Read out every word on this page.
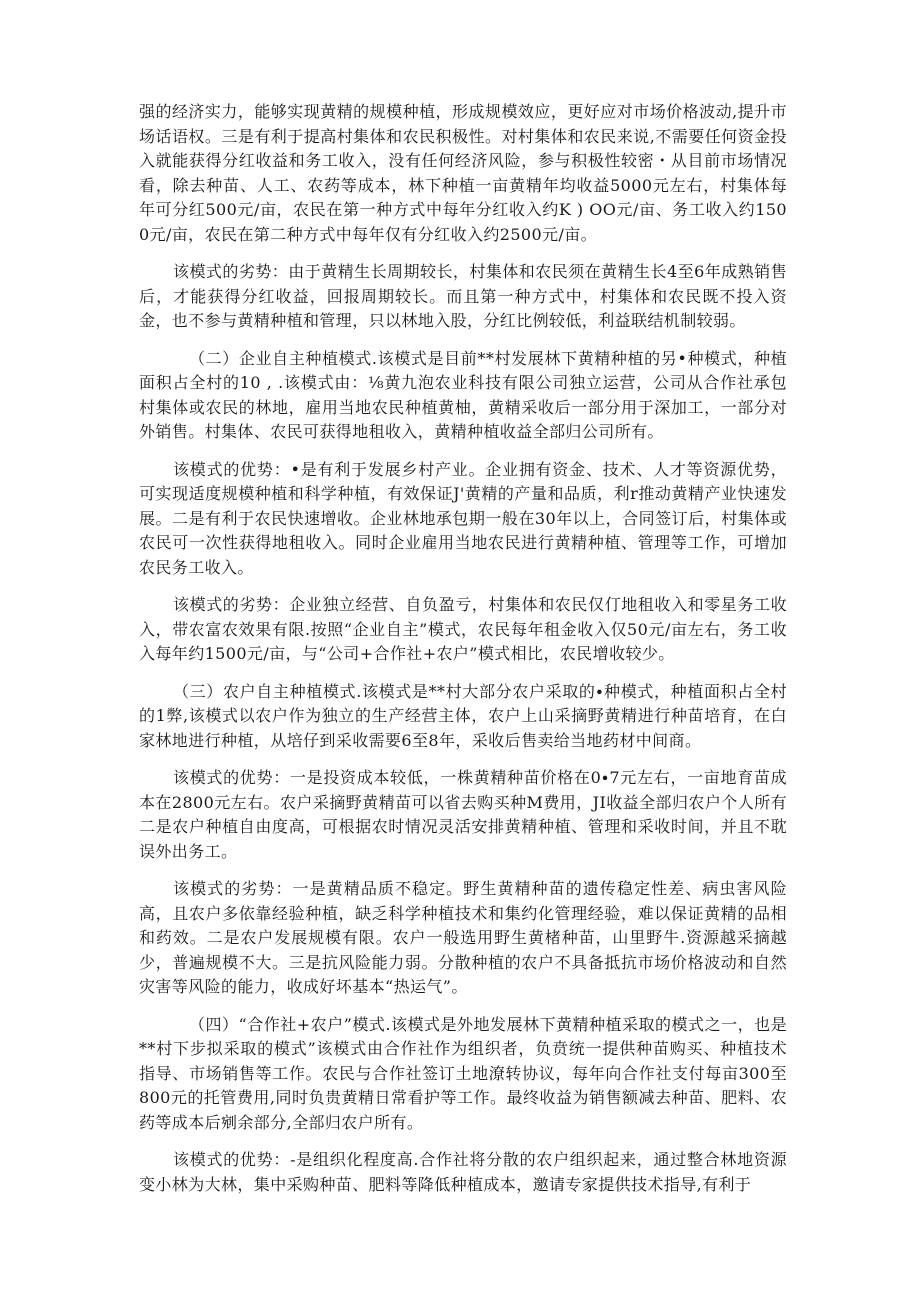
强的经济实力，能够实现黄精的规模种植，形成规模效应，更好应对市场价格波动,提升市场话语权。三是有利于提高村集体和农民积极性。对村集体和农民来说,不需要任何资金投入就能获得分红收益和务工收入，没有任何经济风险，参与积极性较密・从目前市场情况看，除去种苗、人工、农药等成本，林下种植一亩黄精年均收益5000元左右，村集体每年可分红500元/亩，农民在第一种方式中每年分红收入约K ) OO元/亩、务工收入约1500元/亩，农民在第二种方式中每年仅有分红收入约2500元/亩。

该模式的劣势：由于黄精生长周期较长，村集体和农民须在黄精生长4至6年成熟销售后，才能获得分红收益，回报周期较长。而且第一种方式中，村集体和农民既不投入资金，也不参与黄精种植和管理，只以林地入股，分红比例较低，利益联结机制较弱。

（二）企业自主种植模式.该模式是目前**村发展林下黄精种植的另•种模式，种植面积占全村的10 , .该模式由：⅛黄九泡农业科技有限公司独立运营，公司从合作社承包村集体或农民的林地，雇用当地农民种植黄柚，黄精采收后一部分用于深加工，一部分对外销售。村集体、农民可获得地租收入，黄精种植收益全部归公司所有。

该模式的优势：•是有利于发展乡村产业。企业拥有资金、技术、人才等资源优势，可实现适度规模种植和科学种植，有效保证J'黄精的产量和品质，利r推动黄精产业快速发展。二是有利于农民快速增收。企业林地承包期一般在30年以上，合同签订后，村集体或农民可一次性获得地租收入。同时企业雇用当地农民进行黄精种植、管理等工作，可增加农民务工收入。

该模式的劣势：企业独立经营、自负盈亏，村集体和农民仅仃地租收入和零星务工收入，带农富农效果有限.按照“企业自主”模式，农民每年租金收入仅50元/亩左右，务工收入每年约1500元/亩，与“公司+合作社+农户”模式相比，农民增收较少。

（三）农户自主种植模式.该模式是**村大部分农户采取的∙种模式，种植面积占全村的1弊,该模式以农户作为独立的生产经营主体，农户上山采摘野黄精进行种苗培育，在白家林地进行种植，从培仔到采收需要6至8年，采收后售卖给当地药材中间商。

该模式的优势：一是投资成本较低，一株黄精种苗价格在0∙7元左右，一亩地育苗成本在2800元左右。农户采摘野黄精苗可以省去购买种M费用，JI收益全部归农户个人所有二是农户种植自由度高，可根据农时情况灵活安排黄精种植、管理和采收时间，并且不耽误外出务工。

该模式的劣势：一是黄精品质不稳定。野生黄精种苗的遗传稳定性差、病虫害风险高，且农户多依靠经验种植，缺乏科学种植技术和集约化管理经验，难以保证黄精的品相和药效。二是农户发展规模有限。农户一般选用野生黄楮种苗，山里野牛.资源越采摘越少，普遍规模不大。三是抗风险能力弱。分散种植的农户不具备抵抗市场价格波动和自然灾害等风险的能力，收成好坏基本“热运气”。

（四）“合作社+农户”模式.该模式是外地发展林下黄精种植采取的模式之一，也是**村下步拟采取的模式”该模式由合作社作为组织者，负贲统一提供种苗购买、种植技术指导、市场销售等工作。农民与合作社签订土地潦转协议，每年向合作社支付每亩300至800元的托管费用,同时负贵黄精日常看护等工作。最终收益为销售额减去种苗、肥料、农药等成本后剜余部分,全部归农户所有。

该模式的优势：-是组织化程度高.合作社将分散的农户组织起来，通过整合林地资源变小林为大林，集中采购种苗、肥料等降低种植成本，邀请专家提供技术指导,有利于
